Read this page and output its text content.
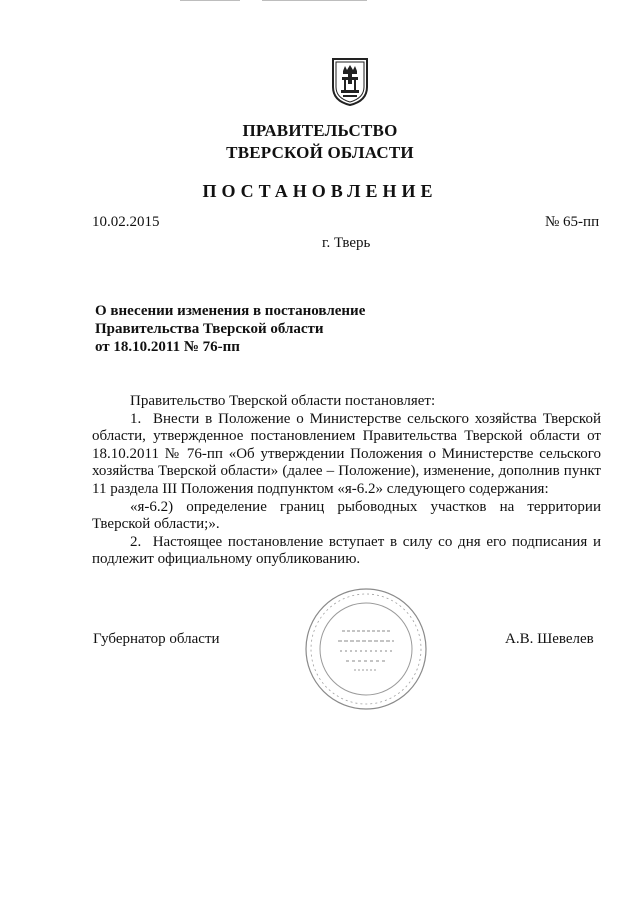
ПРАВИТЕЛЬСТВО
ТВЕРСКОЙ ОБЛАСТИ
ПОСТАНОВЛЕНИЕ
10.02.2015	№ 65-пп
г. Тверь
О внесении изменения в постановление
Правительства Тверской области
от 18.10.2011 № 76-пп

Правительство Тверской области постановляет:

1.  Внести в Положение о Министерстве сельского хозяйства Тверской области, утвержденное постановлением Правительства Тверской области от 18.10.2011 № 76-пп «Об утверждении Положения о Министерстве сельского хозяйства Тверской области» (далее – Положение), изменение, дополнив пункт 11 раздела III Положения подпунктом «я-6.2» следующего содержания:

«я-6.2) определение границ рыбоводных участков на территории Тверской области;».

2.  Настоящее постановление вступает в силу со дня его подписания и подлежит официальному опубликованию.

Губернатор области	А.В. Шевелев
